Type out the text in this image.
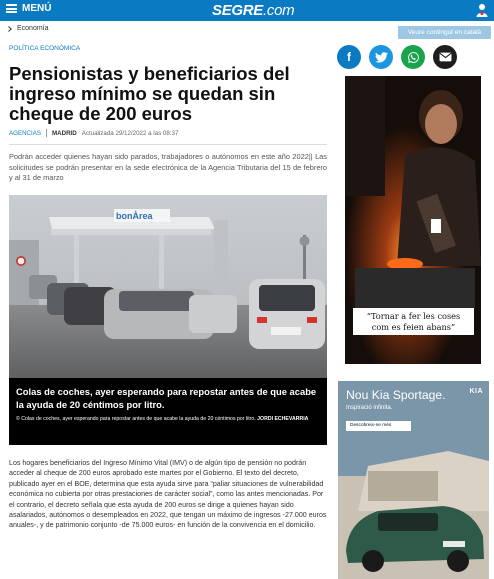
MENÚ	SEGRE.com
Economía
Veure contingut en català
POLÍTICA ECONÓMICA
Pensionistas y beneficiarios del ingreso mínimo se quedan sin cheque de 200 euros
AGENCIAS MADRID Actualizada 29/12/2022 a las 08:37

Podrán acceder quienes hayan sido parados, trabajadores o autónomos en este año 2022|| Las solicitudes se podrán presentar en la sede electrónica de la Agencia Tributaria del 15 de febrero y al 31 de marzo

bonÀrea
Colas de coches, ayer esperando para repostar antes de que acabe la ayuda de 20 céntimos por litro.
© Colas de coches, ayer esperando para repostar antes de que acabe la ayuda de 20 céntimos por litro. JORDI ECHEVARRIA

Los hogares beneficiarios del Ingreso Mínimo Vital (IMV) o de algún tipo de pensión no podrán acceder al cheque de 200 euros aprobado este martes por el Gobierno. El texto del decreto, publicado ayer en el BOE, determina que esta ayuda sirve para “paliar situaciones de vulnerabilidad económica no cubierta por otras prestaciones de carácter social”, como las antes mencionadas. Por el contrario, el decreto señala que esta ayuda de 200 euros se dirige a quienes hayan sido asalariados, autónomos o desempleados en 2022, que tengan un máximo de ingresos -27.000 euros anuales-, y de patrimonio conjunto -de 75.000 euros- en función de la convivencia en el domicilio.

f
“Tornar a fer les coses com es feien abans”
Nou Kia Sportage.
Inspiració infinita.
Descobreix-ne més
KIA
